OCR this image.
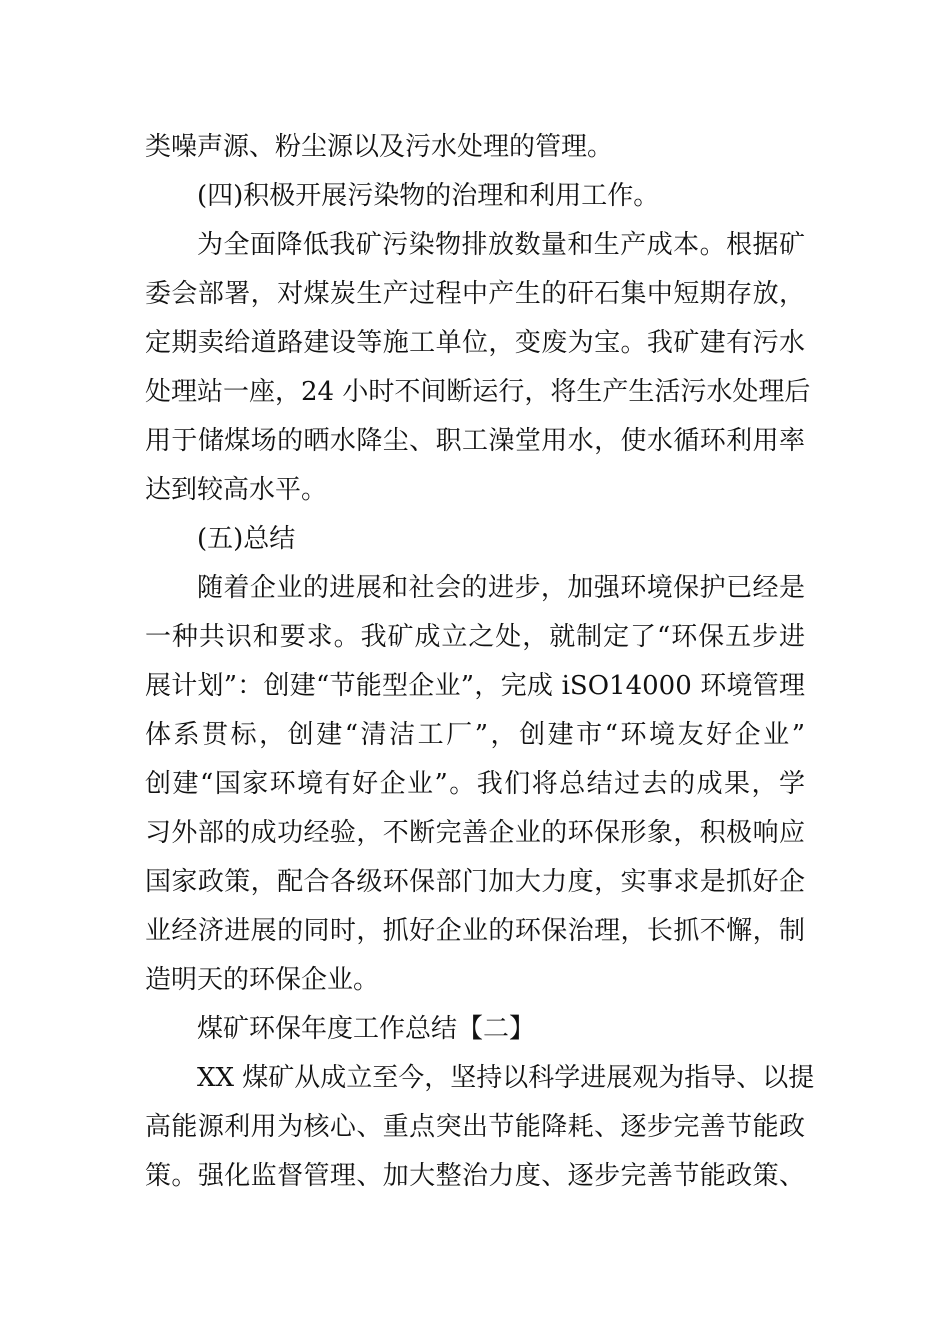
类噪声源、粉尘源以及污水处理的管理。
(四)积极开展污染物的治理和利用工作。
为全面降低我矿污染物排放数量和生产成本。根据矿
委会部署，对煤炭生产过程中产生的矸石集中短期存放，
定期卖给道路建设等施工单位，变废为宝。我矿建有污水
处理站一座，24 小时不间断运行，将生产生活污水处理后
用于储煤场的晒水降尘、职工澡堂用水，使水循环利用率
达到较高水平。
(五)总结
随着企业的进展和社会的进步，加强环境保护已经是
一种共识和要求。我矿成立之处，就制定了“环保五步进
展计划”：创建“节能型企业”，完成 iSO14000 环境管理
体系贯标，创建“清洁工厂”，创建市“环境友好企业”
创建“国家环境有好企业”。我们将总结过去的成果，学
习外部的成功经验，不断完善企业的环保形象，积极响应
国家政策，配合各级环保部门加大力度，实事求是抓好企
业经济进展的同时，抓好企业的环保治理，长抓不懈，制
造明天的环保企业。
煤矿环保年度工作总结【二】
XX 煤矿从成立至今，坚持以科学进展观为指导、以提
高能源利用为核心、重点突出节能降耗、逐步完善节能政
策。强化监督管理、加大整治力度、逐步完善节能政策、
